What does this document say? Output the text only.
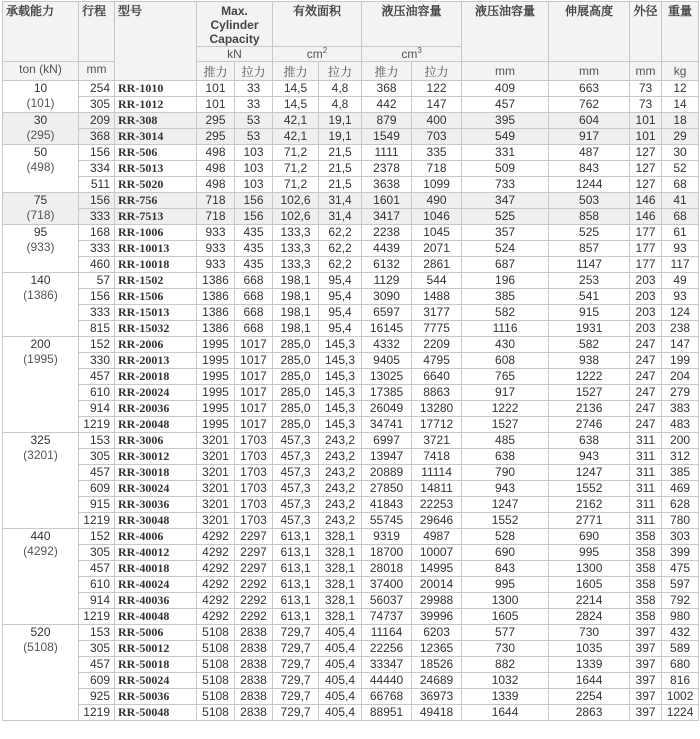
承载能力	行程	型号	Max. Cylinder Capacity		有效面积		液压油容量		液压油容量	伸展高度	外径	重量
			kN		$cm^2$		$cm^3$
ton (kN)	mm		推力	拉力	推力	拉力	推力	拉力	mm	mm	mm	kg

10
(101)	254	RR-1010	101	33	14,5	4,8	368	122	409	663	73	12
	305	RR-1012	101	33	14,5	4,8	442	147	457	762	73	14

30
(295)	209	RR-308	295	53	42,1	19,1	879	400	395	604	101	18
	368	RR-3014	295	53	42,1	19,1	1549	703	549	917	101	29

50
(498)	156	RR-506	498	103	71,2	21,5	1111	335	331	487	127	30
	334	RR-5013	498	103	71,2	21,5	2378	718	509	843	127	52
	511	RR-5020	498	103	71,2	21,5	3638	1099	733	1244	127	68

75
(718)	156	RR-756	718	156	102,6	31,4	1601	490	347	503	146	41
	333	RR-7513	718	156	102,6	31,4	3417	1046	525	858	146	68

95
(933)	168	RR-1006	933	435	133,3	62,2	2238	1045	357	525	177	61
	333	RR-10013	933	435	133,3	62,2	4439	2071	524	857	177	93
	460	RR-10018	933	435	133,3	62,2	6132	2861	687	1147	177	117

140
(1386)	57	RR-1502	1386	668	198,1	95,4	1129	544	196	253	203	49
	156	RR-1506	1386	668	198,1	95,4	3090	1488	385	541	203	93
	333	RR-15013	1386	668	198,1	95,4	6597	3177	582	915	203	124
	815	RR-15032	1386	668	198,1	95,4	16145	7775	1116	1931	203	238

200
(1995)	152	RR-2006	1995	1017	285,0	145,3	4332	2209	430	582	247	147
	330	RR-20013	1995	1017	285,0	145,3	9405	4795	608	938	247	199
	457	RR-20018	1995	1017	285,0	145,3	13025	6640	765	1222	247	204
	610	RR-20024	1995	1017	285,0	145,3	17385	8863	917	1527	247	279
	914	RR-20036	1995	1017	285,0	145,3	26049	13280	1222	2136	247	383
	1219	RR-20048	1995	1017	285,0	145,3	34741	17712	1527	2746	247	483

325
(3201)	153	RR-3006	3201	1703	457,3	243,2	6997	3721	485	638	311	200
	305	RR-30012	3201	1703	457,3	243,2	13947	7418	638	943	311	312
	457	RR-30018	3201	1703	457,3	243,2	20889	11114	790	1247	311	385
	609	RR-30024	3201	1703	457,3	243,2	27850	14811	943	1552	311	469
	915	RR-30036	3201	1703	457,3	243,2	41843	22253	1247	2162	311	628
	1219	RR-30048	3201	1703	457,3	243,2	55745	29646	1552	2771	311	780

440
(4292)	152	RR-4006	4292	2297	613,1	328,1	9319	4987	528	690	358	303
	305	RR-40012	4292	2297	613,1	328,1	18700	10007	690	995	358	399
	457	RR-40018	4292	2297	613,1	328,1	28018	14995	843	1300	358	475
	610	RR-40024	4292	2292	613,1	328,1	37400	20014	995	1605	358	597
	914	RR-40036	4292	2292	613,1	328,1	56037	29988	1300	2214	358	792
	1219	RR-40048	4292	2292	613,1	328,1	74737	39996	1605	2824	358	980

520
(5108)	153	RR-5006	5108	2838	729,7	405,4	11164	6203	577	730	397	432
	305	RR-50012	5108	2838	729,7	405,4	22256	12365	730	1035	397	589
	457	RR-50018	5108	2838	729,7	405,4	33347	18526	882	1339	397	680
	609	RR-50024	5108	2838	729,7	405,4	44440	24689	1032	1644	397	816
	925	RR-50036	5108	2838	729,7	405,4	66768	36973	1339	2254	397	1002
	1219	RR-50048	5108	2838	729,7	405,4	88951	49418	1644	2863	397	1224
